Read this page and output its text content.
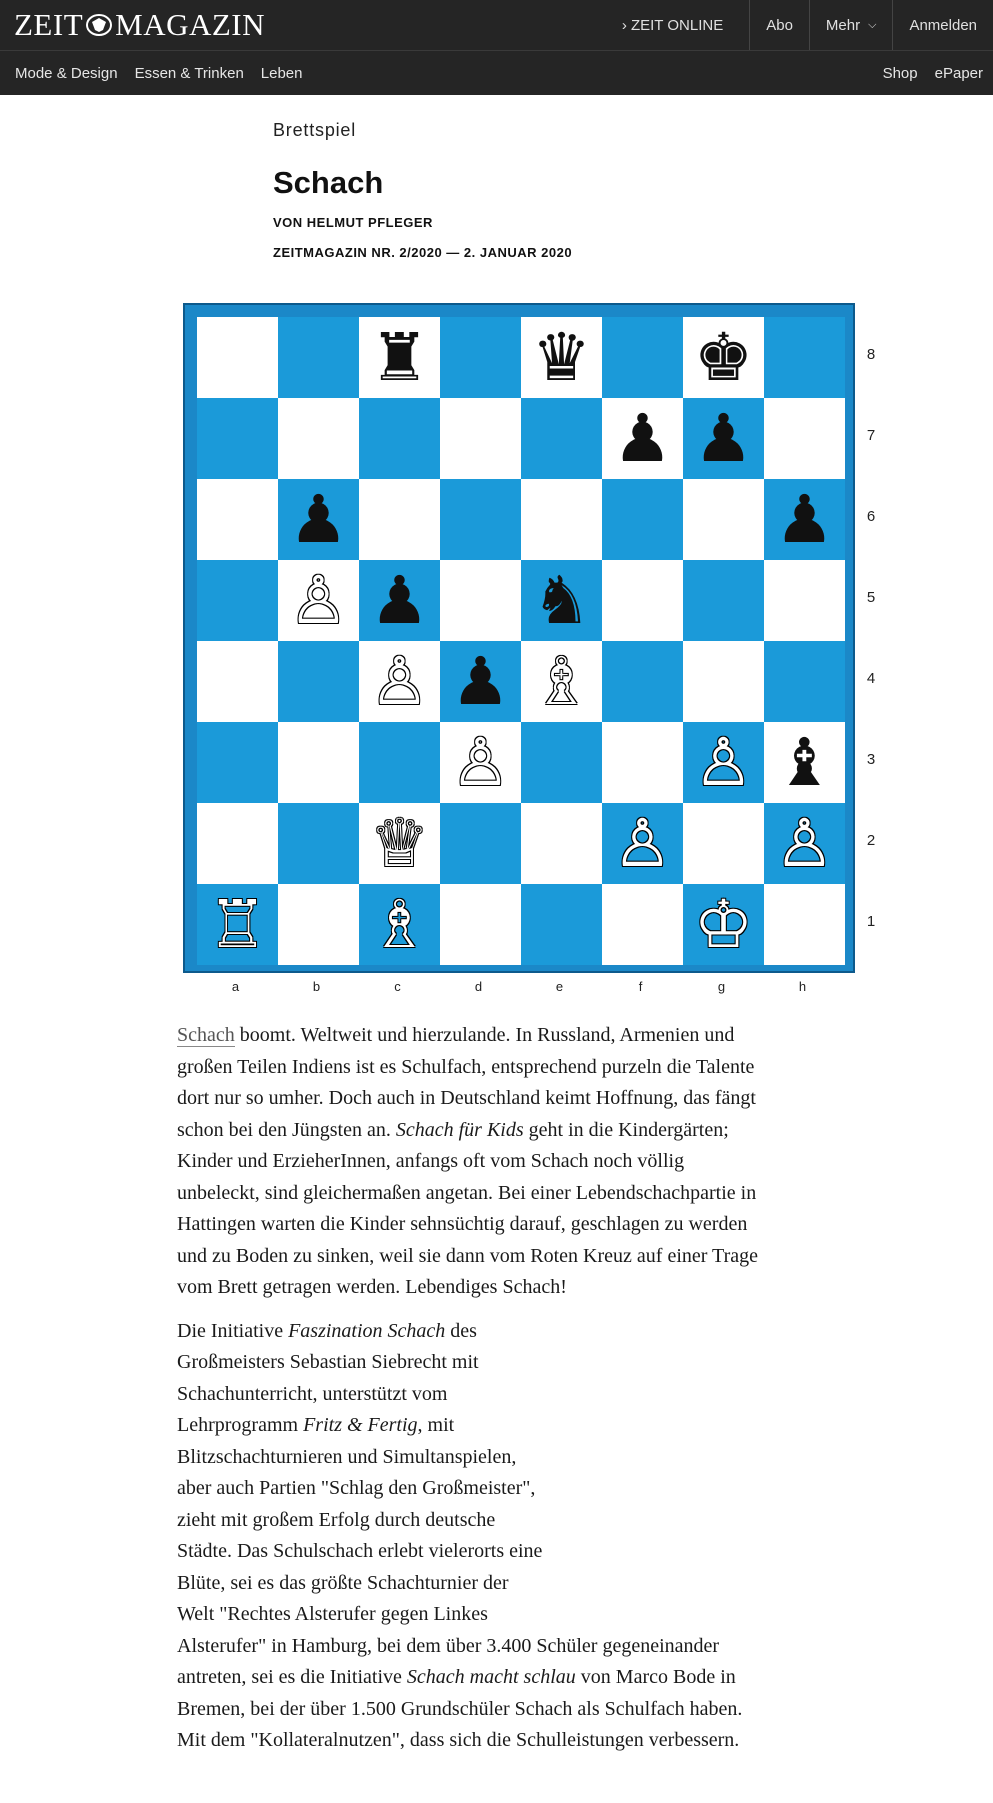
ZEIT MAGAZIN	› ZEIT ONLINE	Abo Mehr ⌵ Anmelden
Mode & Design Essen & Trinken Leben	Shop ePaper
Brettspiel
Schach
VON HELMUT PFLEGER
ZEITMAGAZIN NR. 2/2020 — 2. JANUAR 2020
♜ ♛ ♚
♟ ♟
♟	♟
♙ ♟ ♞
♙ ♟ ♗
♙	♙ ♝
♕	♙ ♙
♖ ♗	♔
8
7
6
5
4
3
2
1
a	b	c	d	e	f	g	h

Schach boomt. Weltweit und hierzulande. In Russland, Armenien und
großen Teilen Indiens ist es Schulfach, entsprechend purzeln die Talente
dort nur so umher. Doch auch in Deutschland keimt Hoffnung, das fängt
schon bei den Jüngsten an. Schach für Kids geht in die Kindergärten;
Kinder und ErzieherInnen, anfangs oft vom Schach noch völlig
unbeleckt, sind gleichermaßen angetan. Bei einer Lebendschachpartie in
Hattingen warten die Kinder sehnsüchtig darauf, geschlagen zu werden
und zu Boden zu sinken, weil sie dann vom Roten Kreuz auf einer Trage
vom Brett getragen werden. Lebendiges Schach!

Die Initiative Faszination Schach des
Großmeisters Sebastian Siebrecht mit
Schachunterricht, unterstützt vom
Lehrprogramm Fritz & Fertig, mit
Blitzschachturnieren und Simultanspielen,
aber auch Partien "Schlag den Großmeister",
zieht mit großem Erfolg durch deutsche
Städte. Das Schulschach erlebt vielerorts eine
Blüte, sei es das größte Schachturnier der
Welt "Rechtes Alsterufer gegen Linkes
Alsterufer" in Hamburg, bei dem über 3.400 Schüler gegeneinander
antreten, sei es die Initiative Schach macht schlau von Marco Bode in
Bremen, bei der über 1.500 Grundschüler Schach als Schulfach haben.
Mit dem "Kollateralnutzen", dass sich die Schulleistungen verbessern.
